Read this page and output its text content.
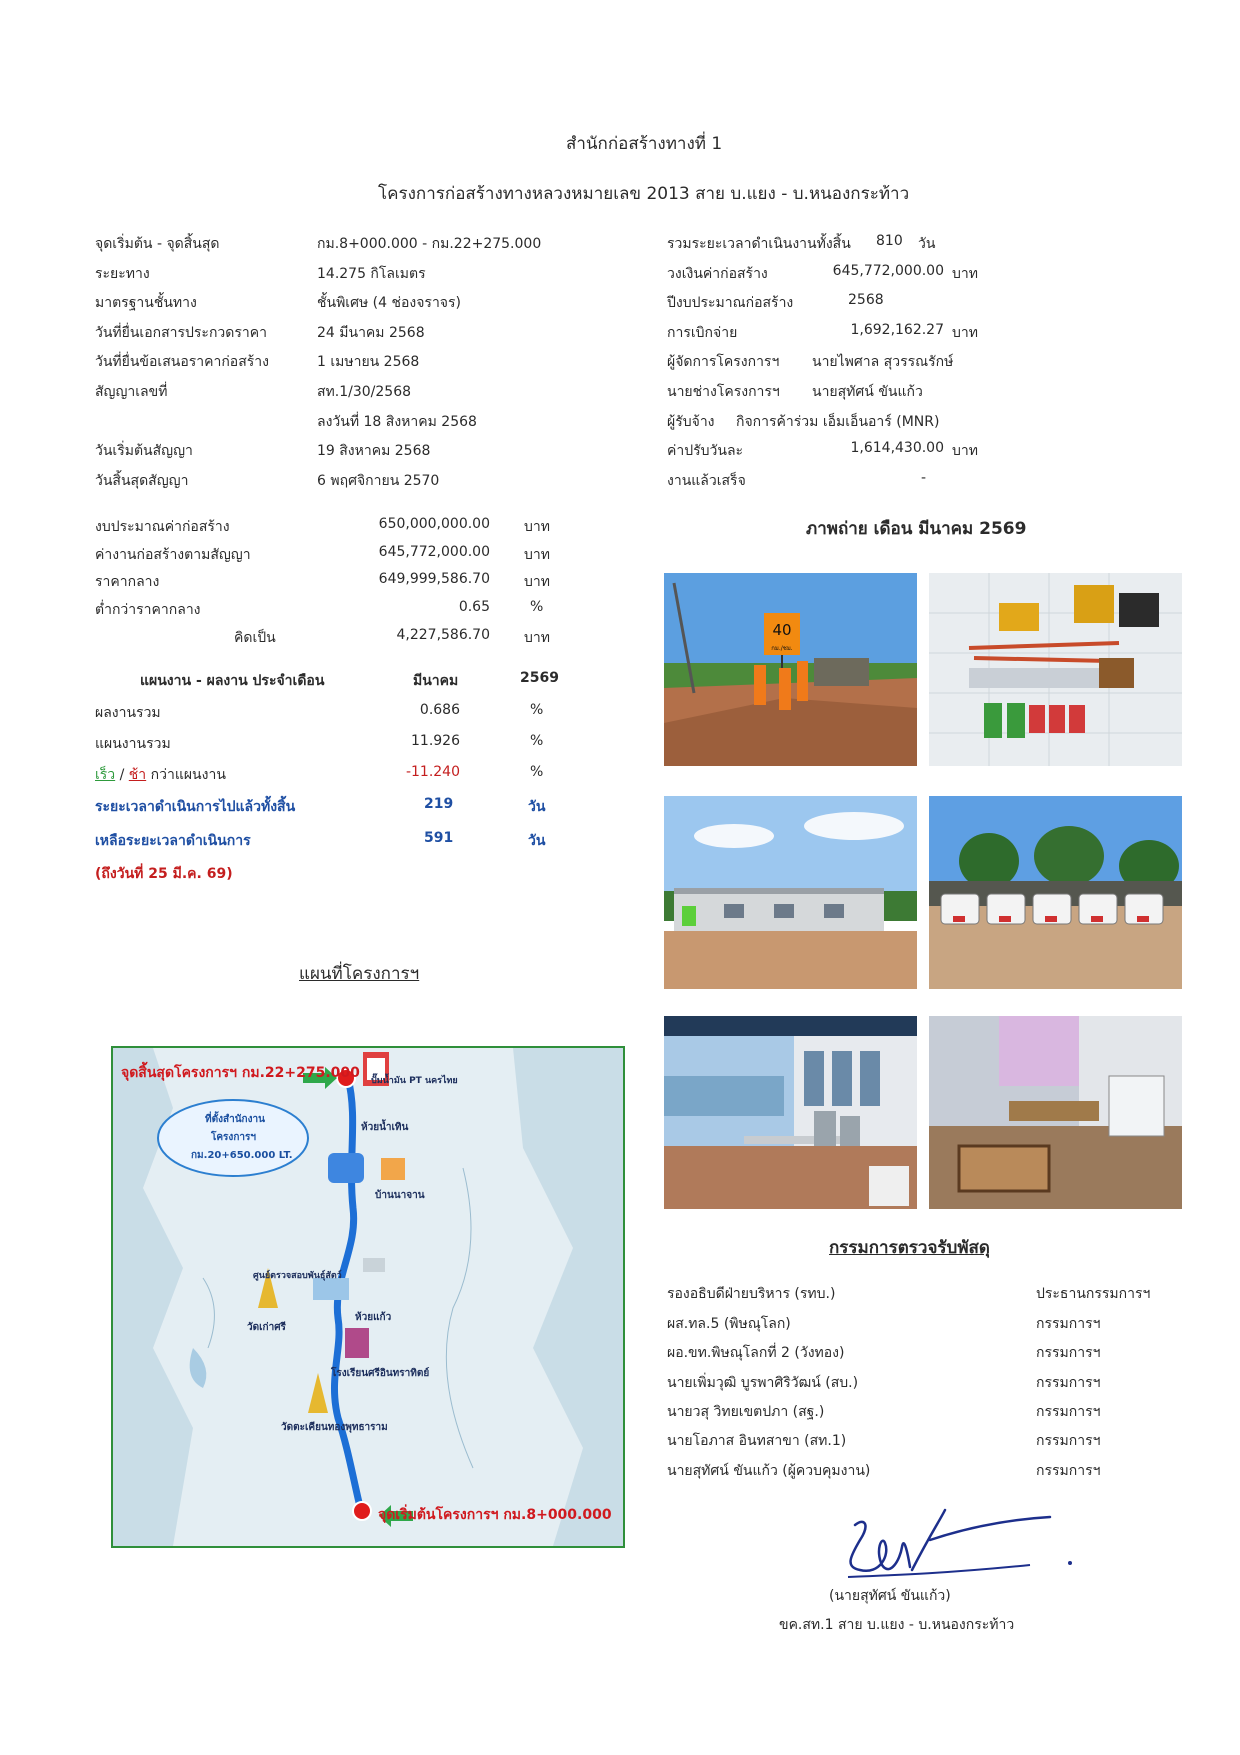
สำนักก่อสร้างทางที่ 1
โครงการก่อสร้างทางหลวงหมายเลข 2013 สาย บ.แยง - บ.หนองกระท้าว
จุดเริ่มต้น - จุดสิ้นสุด	กม.8+000.000 - กม.22+275.000
ระยะทาง	14.275 กิโลเมตร
มาตรฐานชั้นทาง	ชั้นพิเศษ (4 ช่องจราจร)
วันที่ยื่นเอกสารประกวดราคา	24 มีนาคม 2568
วันที่ยื่นข้อเสนอราคาก่อสร้าง	1 เมษายน 2568
สัญญาเลขที่	สท.1/30/2568
ลงวันที่ 18 สิงหาคม 2568
วันเริ่มต้นสัญญา	19 สิงหาคม 2568
วันสิ้นสุดสัญญา	6 พฤศจิกายน 2570
รวมระยะเวลาดำเนินงานทั้งสิ้น 810 วัน
วงเงินค่าก่อสร้าง	645,772,000.00 บาท
ปีงบประมาณก่อสร้าง	2568
การเบิกจ่าย	1,692,162.27 บาท
ผู้จัดการโครงการฯ นายไพศาล สุวรรณรักษ์
นายช่างโครงการฯ นายสุทัศน์ ขันแก้ว
ผู้รับจ้าง กิจการค้าร่วม เอ็มเอ็นอาร์ (MNR)
ค่าปรับวันละ	1,614,430.00 บาท
งานแล้วเสร็จ	-
งบประมาณค่าก่อสร้าง	650,000,000.00 บาท
ค่างานก่อสร้างตามสัญญา	645,772,000.00 บาท
ราคากลาง	649,999,586.70 บาท
ต่ำกว่าราคากลาง	0.65	%
คิดเป็น	4,227,586.70 บาท
แผนงาน - ผลงาน ประจำเดือน	มีนาคม	2569
ผลงานรวม	0.686	%
แผนงานรวม	11.926	%
เร็ว / ช้า กว่าแผนงาน	-11.240	%
ระยะเวลาดำเนินการไปแล้วทั้งสิ้น	219	วัน
เหลือระยะเวลาดำเนินการ	591	วัน
(ถึงวันที่ 25 มี.ค. 69)
ภาพถ่าย เดือน มีนาคม 2569
40
กม./ชม.
แผนที่โครงการฯ
จุดสิ้นสุดโครงการฯ กม.22+275.000
จุดเริ่มต้นโครงการฯ กม.8+000.000
ที่ตั้งสำนักงาน
โครงการฯ
กม.20+650.000 LT.
ปั๊มน้ำมัน PT นครไทย
ห้วยน้ำเทิน
บ้านนาจาน
ศูนย์ตรวจสอบพันธุ์สัตว์
ห้วยแก้ว
วัดเก่าศรี
โรงเรียนศรีอินทราทิตย์
วัดตะเคียนทองพุทธาราม
กรรมการตรวจรับพัสดุ
รองอธิบดีฝ่ายบริหาร (รทบ.)	ประธานกรรมการฯ
ผส.ทล.5 (พิษณุโลก)	กรรมการฯ
ผอ.ขท.พิษณุโลกที่ 2 (วังทอง)	กรรมการฯ
นายเพิ่มวุฒิ บูรพาศิริวัฒน์ (สบ.)	กรรมการฯ
นายวสุ วิทยเขตปภา (สฐ.)	กรรมการฯ
นายโอภาส อินทสาขา (สท.1)	กรรมการฯ
นายสุทัศน์ ขันแก้ว (ผู้ควบคุมงาน)	กรรมการฯ
(นายสุทัศน์ ขันแก้ว)
ขค.สท.1 สาย บ.แยง - บ.หนองกระท้าว
